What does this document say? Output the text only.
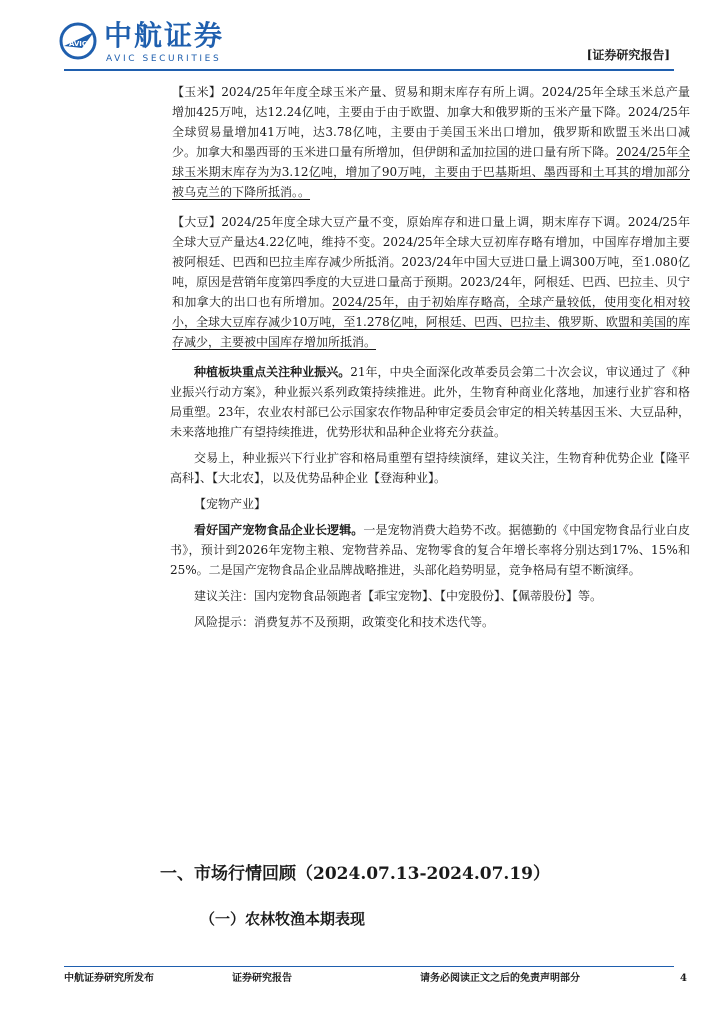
AVIC 中航证券
AVIC SECURITIES	[证券研究报告]

【玉米】2024/25年年度全球玉米产量、贸易和期末库存有所上调。2024/25年全球玉米总产量增加425万吨，达12.24亿吨，主要由于由于欧盟、加拿大和俄罗斯的玉米产量下降。2024/25年全球贸易量增加41万吨，达3.78亿吨，主要由于美国玉米出口增加，俄罗斯和欧盟玉米出口减少。加拿大和墨西哥的玉米进口量有所增加，但伊朗和孟加拉国的进口量有所下降。2024/25年全球玉米期末库存为为3.12亿吨，增加了90万吨，主要由于巴基斯坦、墨西哥和土耳其的增加部分被乌克兰的下降所抵消。。

【大豆】2024/25年度全球大豆产量不变，原始库存和进口量上调，期末库存下调。2024/25年全球大豆产量达4.22亿吨，维持不变。2024/25年全球大豆初库存略有增加，中国库存增加主要被阿根廷、巴西和巴拉圭库存减少所抵消。2023/24年中国大豆进口量上调300万吨，至1.080亿吨，原因是营销年度第四季度的大豆进口量高于预期。2023/24年，阿根廷、巴西、巴拉圭、贝宁和加拿大的出口也有所增加。2024/25年，由于初始库存略高，全球产量较低，使用变化相对较小，全球大豆库存减少10万吨，至1.278亿吨，阿根廷、巴西、巴拉圭、俄罗斯、欧盟和美国的库存减少，主要被中国库存增加所抵消。

种植板块重点关注种业振兴。21年，中央全面深化改革委员会第二十次会议，审议通过了《种业振兴行动方案》，种业振兴系列政策持续推进。此外，生物育种商业化落地，加速行业扩容和格局重塑。23年，农业农村部已公示国家农作物品种审定委员会审定的相关转基因玉米、大豆品种，未来落地推广有望持续推进，优势形状和品种企业将充分获益。

交易上，种业振兴下行业扩容和格局重塑有望持续演绎，建议关注，生物育种优势企业【隆平高科】、【大北农】，以及优势品种企业【登海种业】。

【宠物产业】

看好国产宠物食品企业长逻辑。一是宠物消费大趋势不改。据德勤的《中国宠物食品行业白皮书》，预计到2026年宠物主粮、宠物营养品、宠物零食的复合年增长率将分别达到17%、15%和25%。二是国产宠物食品企业品牌战略推进，头部化趋势明显，竞争格局有望不断演绎。

建议关注：国内宠物食品领跑者【乖宝宠物】、【中宠股份】、【佩蒂股份】等。

风险提示：消费复苏不及预期，政策变化和技术迭代等。

一、市场行情回顾（2024.07.13-2024.07.19）
（一）农林牧渔本期表现
中航证券研究所发布	证券研究报告	请务必阅读正文之后的免责声明部分	4
